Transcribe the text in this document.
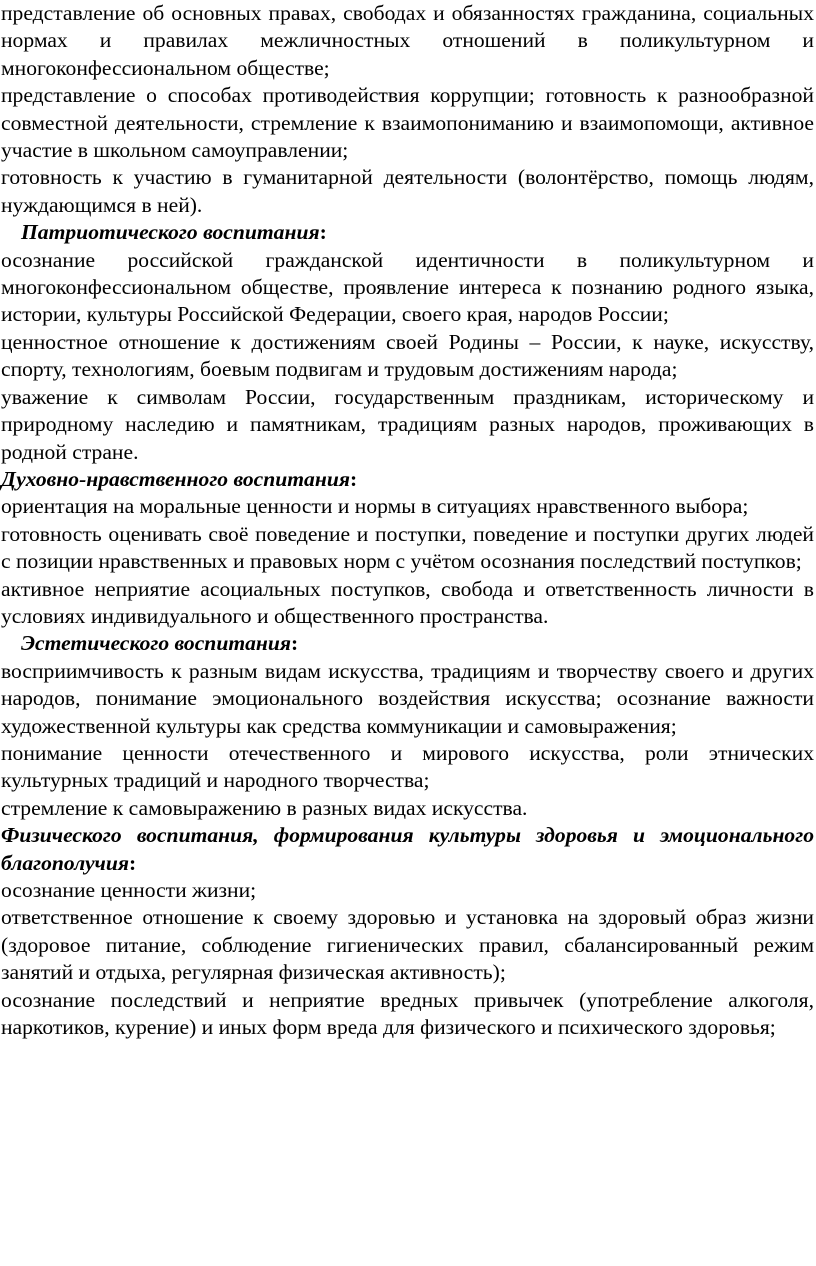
представление об основных правах, свободах и обязанностях гражданина, социальных нормах и правилах межличностных отношений в поликультурном и многоконфессиональном обществе;

представление о способах противодействия коррупции; готовность к разнообразной совместной деятельности, стремление к взаимопониманию и взаимопомощи, активное участие в школьном самоуправлении;

готовность к участию в гуманитарной деятельности (волонтёрство, помощь людям, нуждающимся в ней).

Патриотического воспитания:

осознание российской гражданской идентичности в поликультурном и многоконфессиональном обществе, проявление интереса к познанию родного языка, истории, культуры Российской Федерации, своего края, народов России;

ценностное отношение к достижениям своей Родины – России, к науке, искусству, спорту, технологиям, боевым подвигам и трудовым достижениям народа;

уважение к символам России, государственным праздникам, историческому и природному наследию и памятникам, традициям разных народов, проживающих в родной стране.

Духовно-нравственного воспитания:

ориентация на моральные ценности и нормы в ситуациях нравственного выбора;

готовность оценивать своё поведение и поступки, поведение и поступки других людей с позиции нравственных и правовых норм с учётом осознания последствий поступков;

активное неприятие асоциальных поступков, свобода и ответственность личности в условиях индивидуального и общественного пространства.

Эстетического воспитания:

восприимчивость к разным видам искусства, традициям и творчеству своего и других народов, понимание эмоционального воздействия искусства; осознание важности художественной культуры как средства коммуникации и самовыражения;

понимание ценности отечественного и мирового искусства, роли этнических культурных традиций и народного творчества;

стремление к самовыражению в разных видах искусства.

Физического воспитания, формирования культуры здоровья и эмоционального благополучия:

осознание ценности жизни;

ответственное отношение к своему здоровью и установка на здоровый образ жизни (здоровое питание, соблюдение гигиенических правил, сбалансированный режим занятий и отдыха, регулярная физическая активность);

осознание последствий и неприятие вредных привычек (употребление алкоголя, наркотиков, курение) и иных форм вреда для физического и психического здоровья;
